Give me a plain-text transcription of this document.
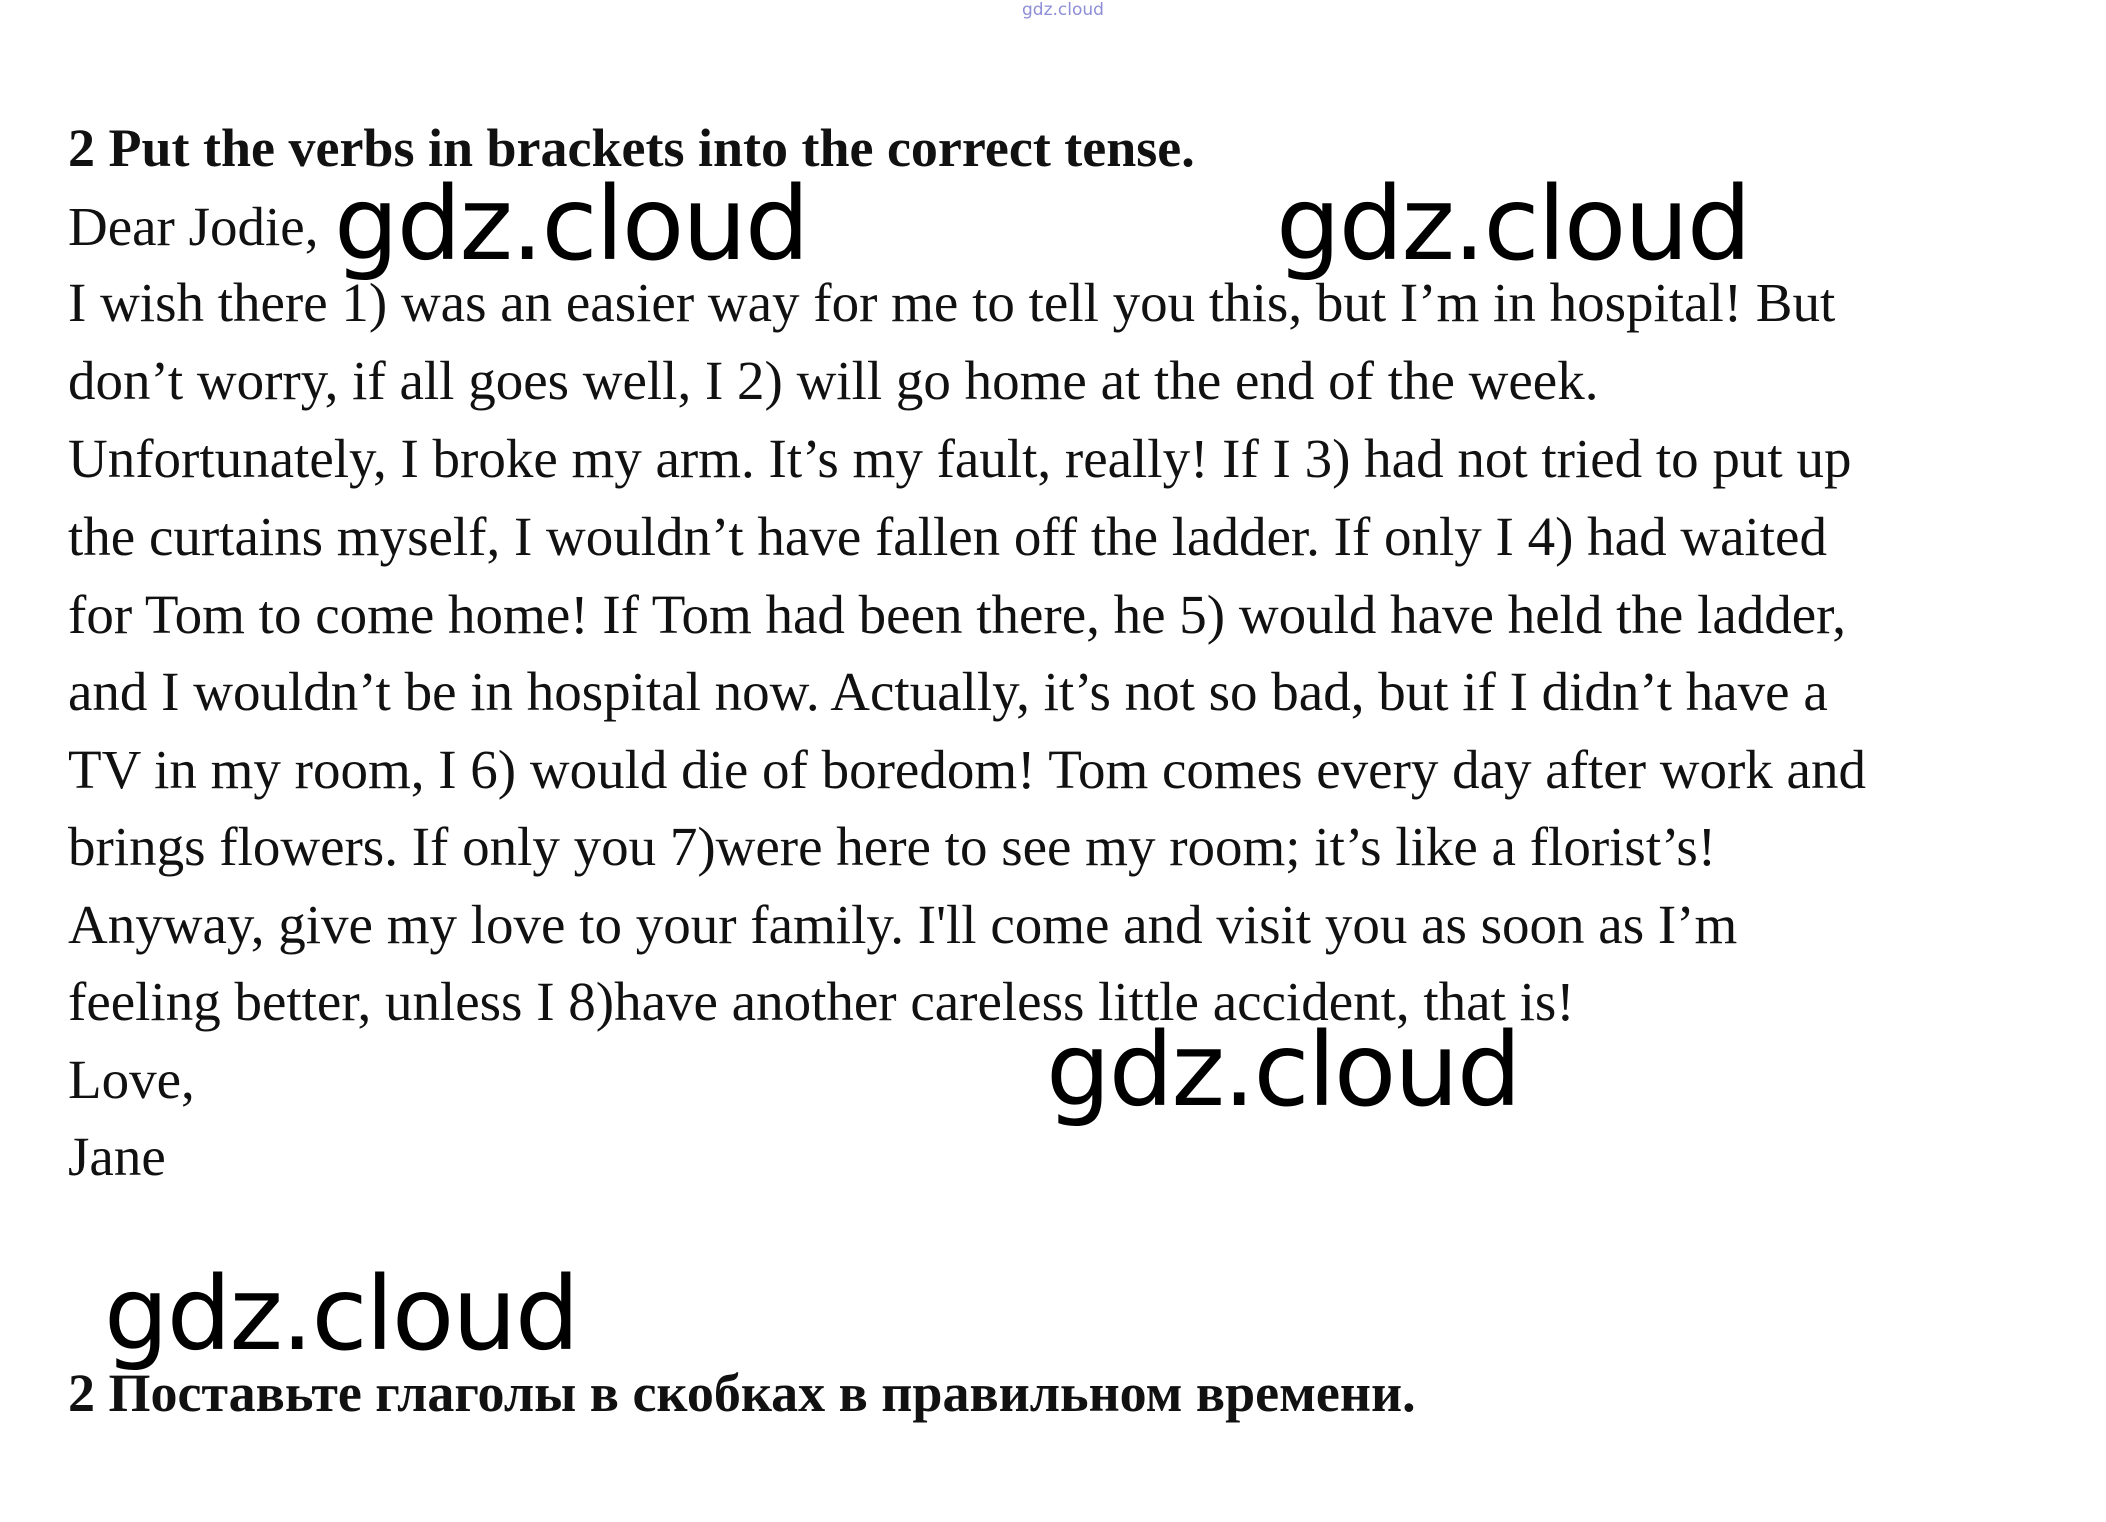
gdz.cloud
2 Put the verbs in brackets into the correct tense.
Dear Jodie,
I wish there 1) was an easier way for me to tell you this, but I’m in hospital! But
don’t worry, if all goes well, I 2) will go home at the end of the week.
Unfortunately, I broke my arm. It’s my fault, really! If I 3) had not tried to put up
the curtains myself, I wouldn’t have fallen off the ladder. If only I 4) had waited
for Tom to come home! If Tom had been there, he 5) would have held the ladder,
and I wouldn’t be in hospital now. Actually, it’s not so bad, but if I didn’t have a
TV in my room, I 6) would die of boredom! Tom comes every day after work and
brings flowers. If only you 7)were here to see my room; it’s like a florist’s!
Anyway, give my love to your family. I'll come and visit you as soon as I’m
feeling better, unless I 8)have another careless little accident, that is!
Love,
Jane
2 Поставьте глаголы в скобках в правильном времени.
gdz.cloud	gdz.cloud
gdz.cloud
gdz.cloud
